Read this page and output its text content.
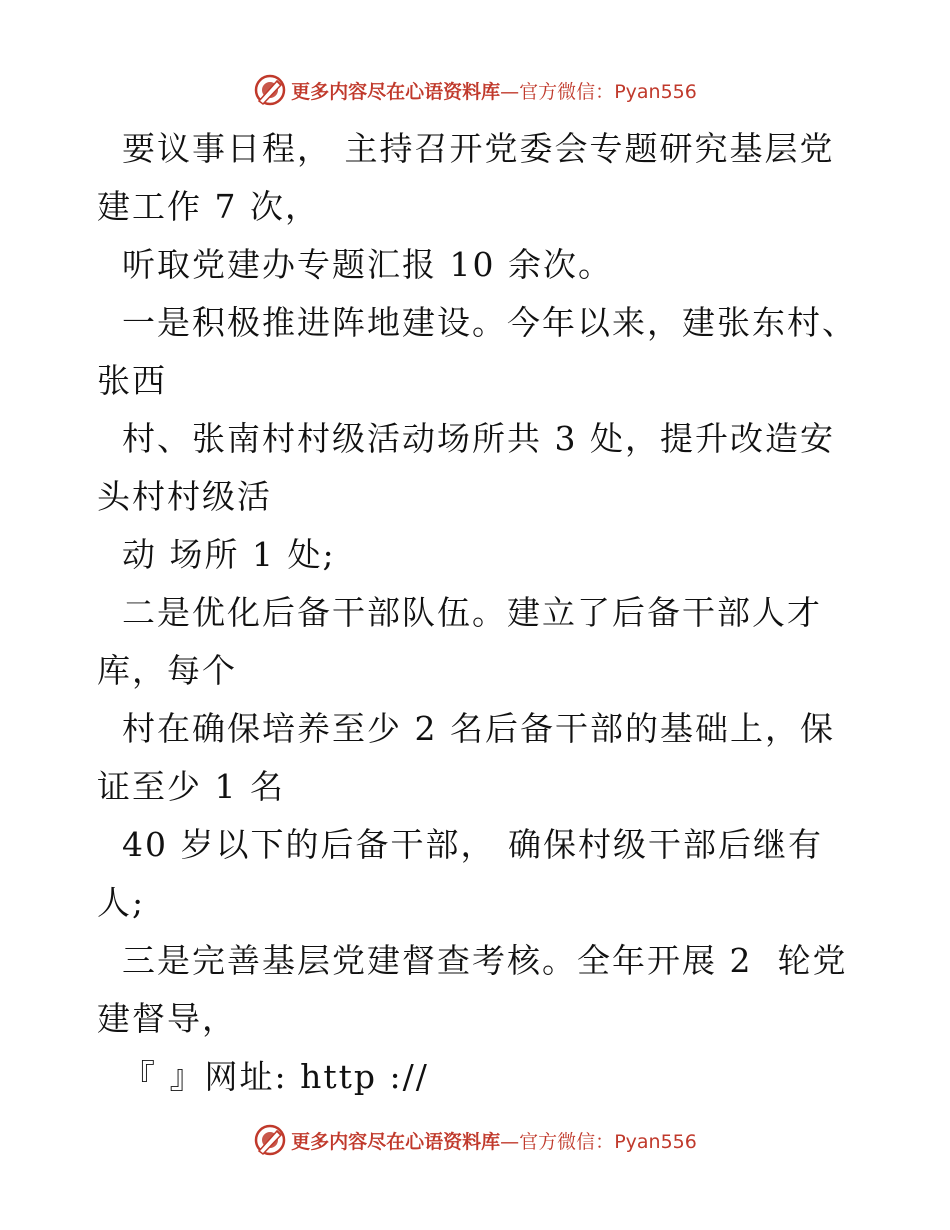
更多内容尽在心语资料库—官方微信：Pyan556
要议事日程， 主持召开党委会专题研究基层党
建工作 7 次，
听取党建办专题汇报 10 余次。
一是积极推进阵地建设。今年以来，建张东村、
张西
村、张南村村级活动场所共 3 处，提升改造安
头村村级活
动 场所 1 处;
二是优化后备干部队伍。建立了后备干部人才
库，每个
村在确保培养至少 2 名后备干部的基础上，保
证至少 1 名
40 岁以下的后备干部， 确保村级干部后继有
人;
三是完善基层党建督查考核。全年开展 2  轮党
建督导，
『 』网址: http ://
更多内容尽在心语资料库—官方微信：Pyan556
